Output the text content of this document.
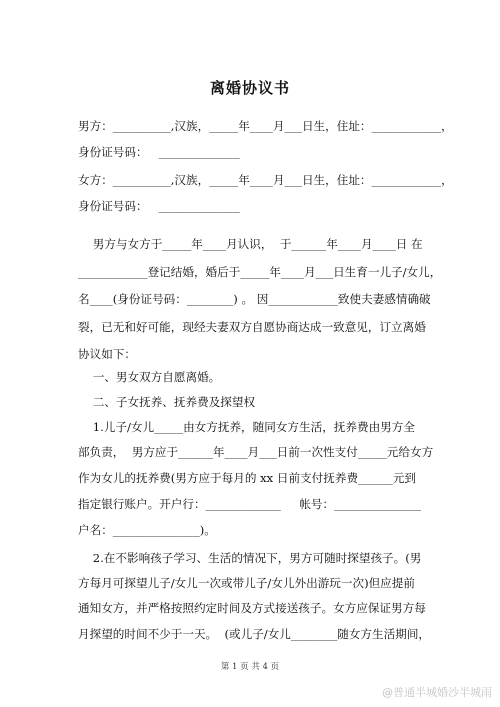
离婚协议书
男方：__________,汉族，_____年____月___日生，住址：____________，
身份证号码：   ______________
女方：__________,汉族，_____年____月___日生，住址：____________，
身份证号码：   ______________
男方与女方于_____年____月认识，  于______年____月____日 在
____________登记结婚，婚后于_____年____月___日生育一儿子/女儿，
名____(身份证号码：________) 。 因____________致使夫妻感情确破
裂，已无和好可能，现经夫妻双方自愿协商达成一致意见，订立离婚
协议如下：
一、男女双方自愿离婚。
二、子女抚养、抚养费及探望权
1.儿子/女儿_____由女方抚养，随同女方生活，抚养费由男方全
部负责，  男方应于______年____月___日前一次性支付_____元给女方
作为女儿的抚养费(男方应于每月的 xx 日前支付抚养费______元到
指定银行账户。开户行：_____________     帐号：_______________
户名：_______________)。
2.在不影响孩子学习、生活的情况下，男方可随时探望孩子。(男
方每月可探望儿子/女儿一次或带儿子/女儿外出游玩一次)但应提前
通知女方，并严格按照约定时间及方式接送孩子。女方应保证男方每
月探望的时间不少于一天。  (或儿子/女儿________随女方生活期间，
第 1 页 共 4 页
@普通半城婚沙半城雨
